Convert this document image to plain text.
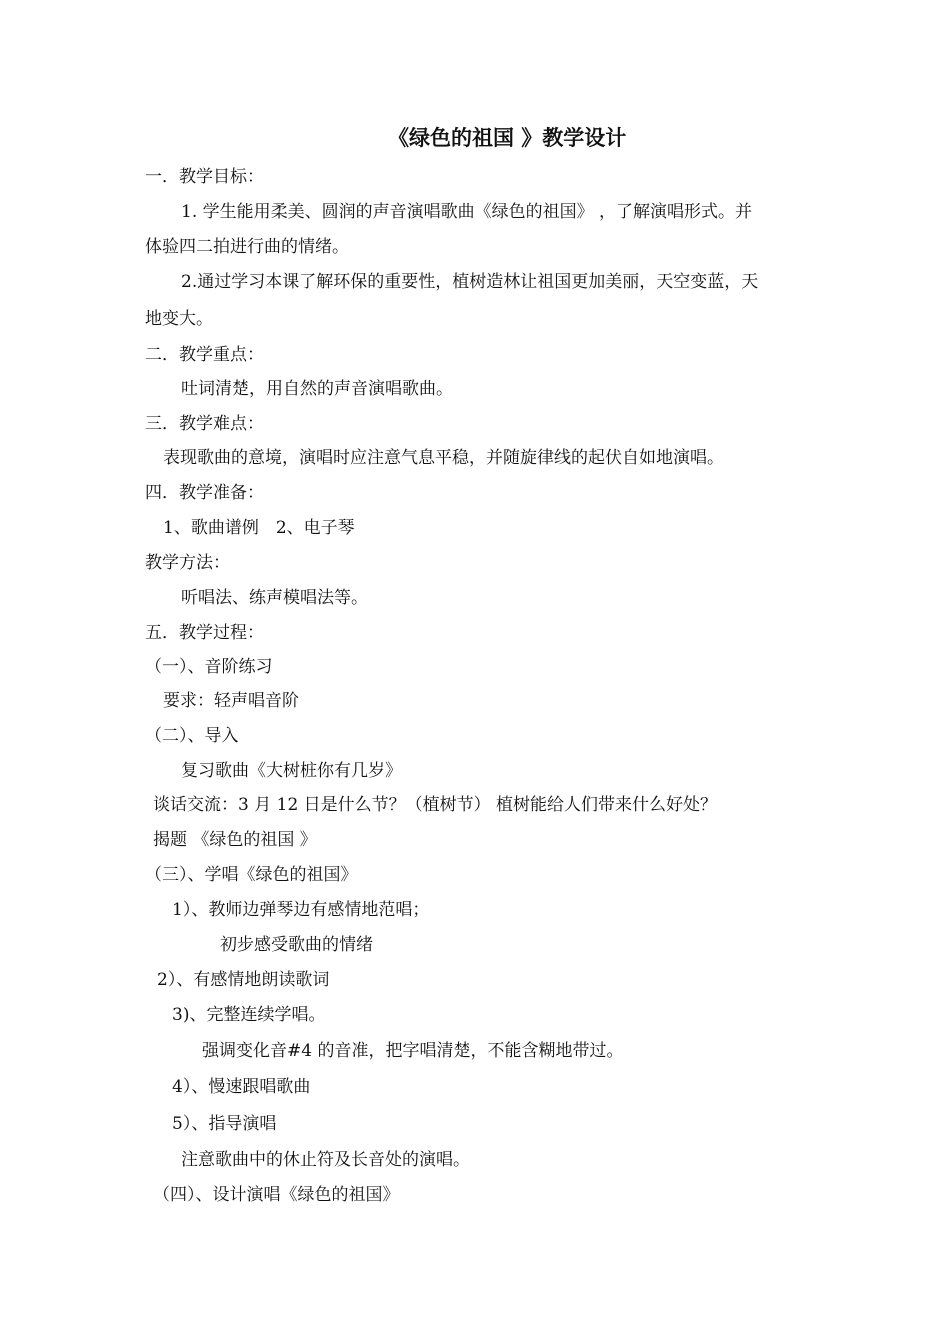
《绿色的祖国 》教学设计
一．教学目标：
1. 学生能用柔美、圆润的声音演唱歌曲《绿色的祖国》 ，了解演唱形式。并
体验四二拍进行曲的情绪。
2.通过学习本课了解环保的重要性，植树造林让祖国更加美丽，天空变蓝，天
地变大。
二．教学重点：
吐词清楚，用自然的声音演唱歌曲。
三．教学难点：
表现歌曲的意境，演唱时应注意气息平稳，并随旋律线的起伏自如地演唱。
四．教学准备：
1、歌曲谱例　2、电子琴
教学方法：
听唱法、练声模唱法等。
五．教学过程：
（一）、音阶练习
要求：轻声唱音阶
（二）、导入
复习歌曲《大树桩你有几岁》
谈话交流：3 月 12 日是什么节？（植树节） 植树能给人们带来什么好处？
揭题 《绿色的祖国 》
（三）、学唱《绿色的祖国》
1）、教师边弹琴边有感情地范唱；
初步感受歌曲的情绪
2）、有感情地朗读歌词
3)、完整连续学唱。
强调变化音#4 的音准，把字唱清楚，不能含糊地带过。
4）、慢速跟唱歌曲
5）、指导演唱
注意歌曲中的休止符及长音处的演唱。
（四）、设计演唱《绿色的祖国》
